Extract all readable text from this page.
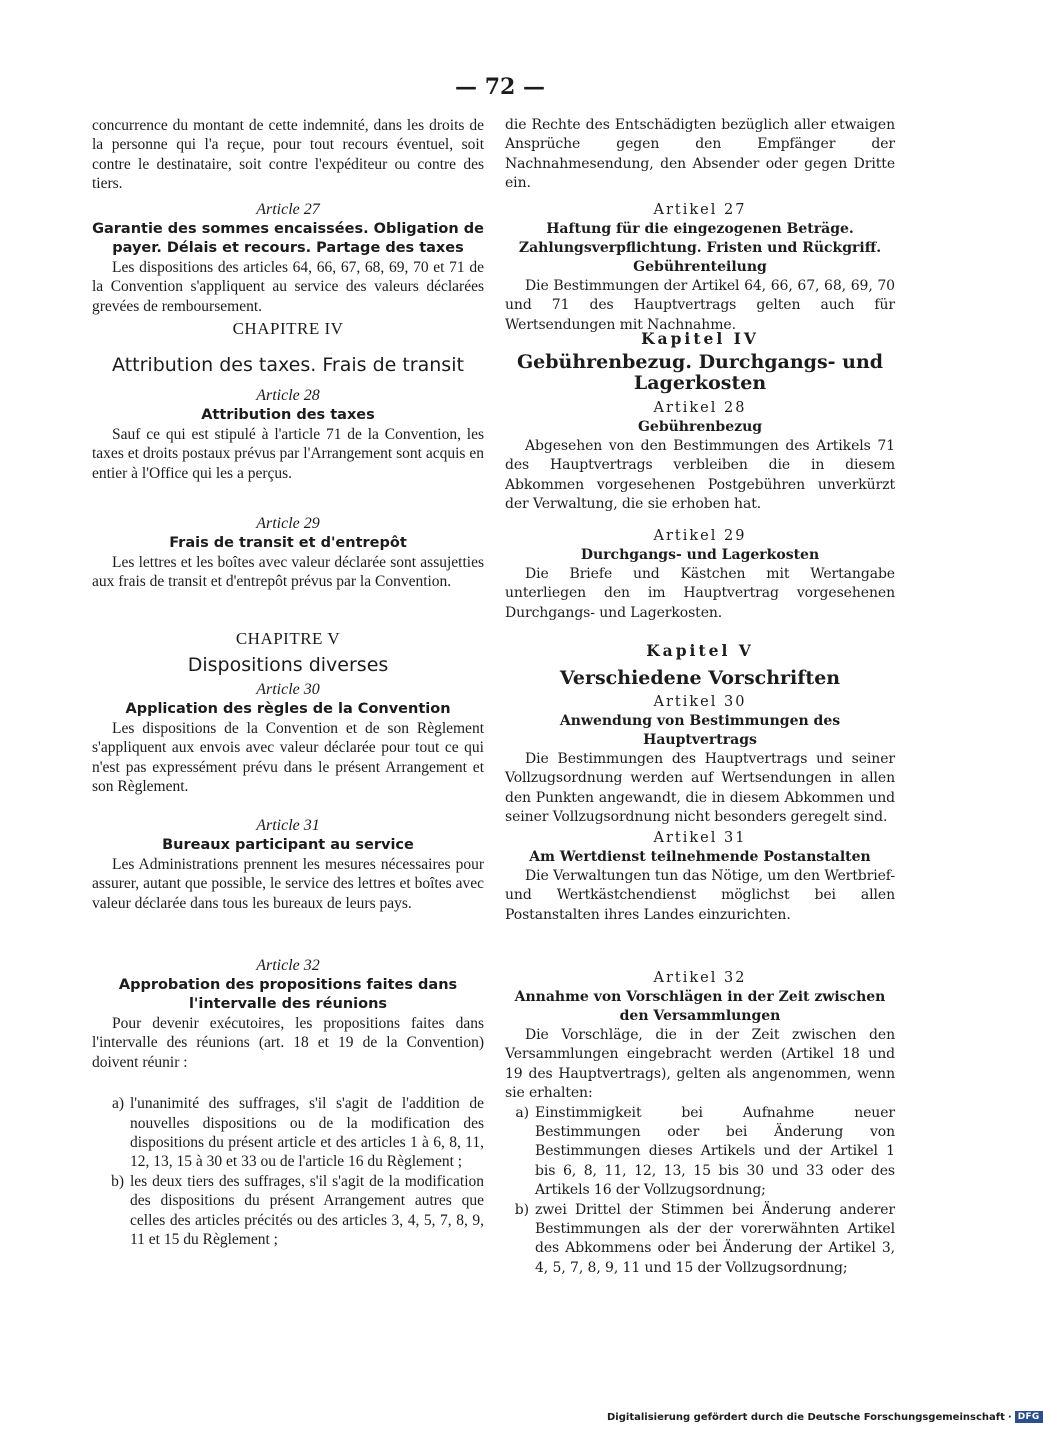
— 72 —

concurrence du montant de cette indemnité, dans les droits de la personne qui l'a reçue, pour tout recours éventuel, soit contre le destinataire, soit contre l'expéditeur ou contre des tiers.

Article 27

Garantie des sommes encaissées. Obligation de payer. Délais et recours. Partage des taxes

Les dispositions des articles 64, 66, 67, 68, 69, 70 et 71 de la Convention s'appliquent au service des valeurs déclarées grevées de remboursement.

CHAPITRE IV

Attribution des taxes. Frais de transit

Article 28

Attribution des taxes

Sauf ce qui est stipulé à l'article 71 de la Convention, les taxes et droits postaux prévus par l'Arrangement sont acquis en entier à l'Office qui les a perçus.

Article 29

Frais de transit et d'entrepôt

Les lettres et les boîtes avec valeur déclarée sont assujetties aux frais de transit et d'entrepôt prévus par la Convention.

CHAPITRE V

Dispositions diverses

Article 30

Application des règles de la Convention

Les dispositions de la Convention et de son Règlement s'appliquent aux envois avec valeur déclarée pour tout ce qui n'est pas expressément prévu dans le présent Arrangement et son Règlement.

Article 31

Bureaux participant au service

Les Administrations prennent les mesures nécessaires pour assurer, autant que possible, le service des lettres et boîtes avec valeur déclarée dans tous les bureaux de leurs pays.

Article 32

Approbation des propositions faites dans l'intervalle des réunions

Pour devenir exécutoires, les propositions faites dans l'intervalle des réunions (art. 18 et 19 de la Convention) doivent réunir :

a) l'unanimité des suffrages, s'il s'agit de l'addition de nouvelles dispositions ou de la modification des dispositions du présent article et des articles 1 à 6, 8, 11, 12, 13, 15 à 30 et 33 ou de l'article 16 du Règlement ;
b) les deux tiers des suffrages, s'il s'agit de la modification des dispositions du présent Arrangement autres que celles des articles précités ou des articles 3, 4, 5, 7, 8, 9, 11 et 15 du Règlement ;

die Rechte des Entschädigten bezüglich aller etwaigen Ansprüche gegen den Empfänger der Nachnahmesendung, den Absender oder gegen Dritte ein.

Artikel 27

Haftung für die eingezogenen Beträge. Zahlungsverpflichtung. Fristen und Rückgriff. Gebührenteilung

Die Bestimmungen der Artikel 64, 66, 67, 68, 69, 70 und 71 des Hauptvertrags gelten auch für Wertsendungen mit Nachnahme.

Kapitel IV

Gebührenbezug. Durchgangs- und Lagerkosten

Artikel 28

Gebührenbezug

Abgesehen von den Bestimmungen des Artikels 71 des Hauptvertrags verbleiben die in diesem Abkommen vorgesehenen Postgebühren unverkürzt der Verwaltung, die sie erhoben hat.

Artikel 29

Durchgangs- und Lagerkosten

Die Briefe und Kästchen mit Wertangabe unterliegen den im Hauptvertrag vorgesehenen Durchgangs- und Lagerkosten.

Kapitel V

Verschiedene Vorschriften

Artikel 30

Anwendung von Bestimmungen des Hauptvertrags

Die Bestimmungen des Hauptvertrags und seiner Vollzugsordnung werden auf Wertsendungen in allen den Punkten angewandt, die in diesem Abkommen und seiner Vollzugsordnung nicht besonders geregelt sind.

Artikel 31

Am Wertdienst teilnehmende Postanstalten

Die Verwaltungen tun das Nötige, um den Wertbrief- und Wertkästchendienst möglichst bei allen Postanstalten ihres Landes einzurichten.

Artikel 32

Annahme von Vorschlägen in der Zeit zwischen den Versammlungen

Die Vorschläge, die in der Zeit zwischen den Versammlungen eingebracht werden (Artikel 18 und 19 des Hauptvertrags), gelten als angenommen, wenn sie erhalten:

a) Einstimmigkeit bei Aufnahme neuer Bestimmungen oder bei Änderung von Bestimmungen dieses Artikels und der Artikel 1 bis 6, 8, 11, 12, 13, 15 bis 30 und 33 oder des Artikels 16 der Vollzugsordnung;
b) zwei Drittel der Stimmen bei Änderung anderer Bestimmungen als der der vorerwähnten Artikel des Abkommens oder bei Änderung der Artikel 3, 4, 5, 7, 8, 9, 11 und 15 der Vollzugsordnung;
Digitalisierung gefördert durch die Deutsche Forschungsgemeinschaft · DFG
